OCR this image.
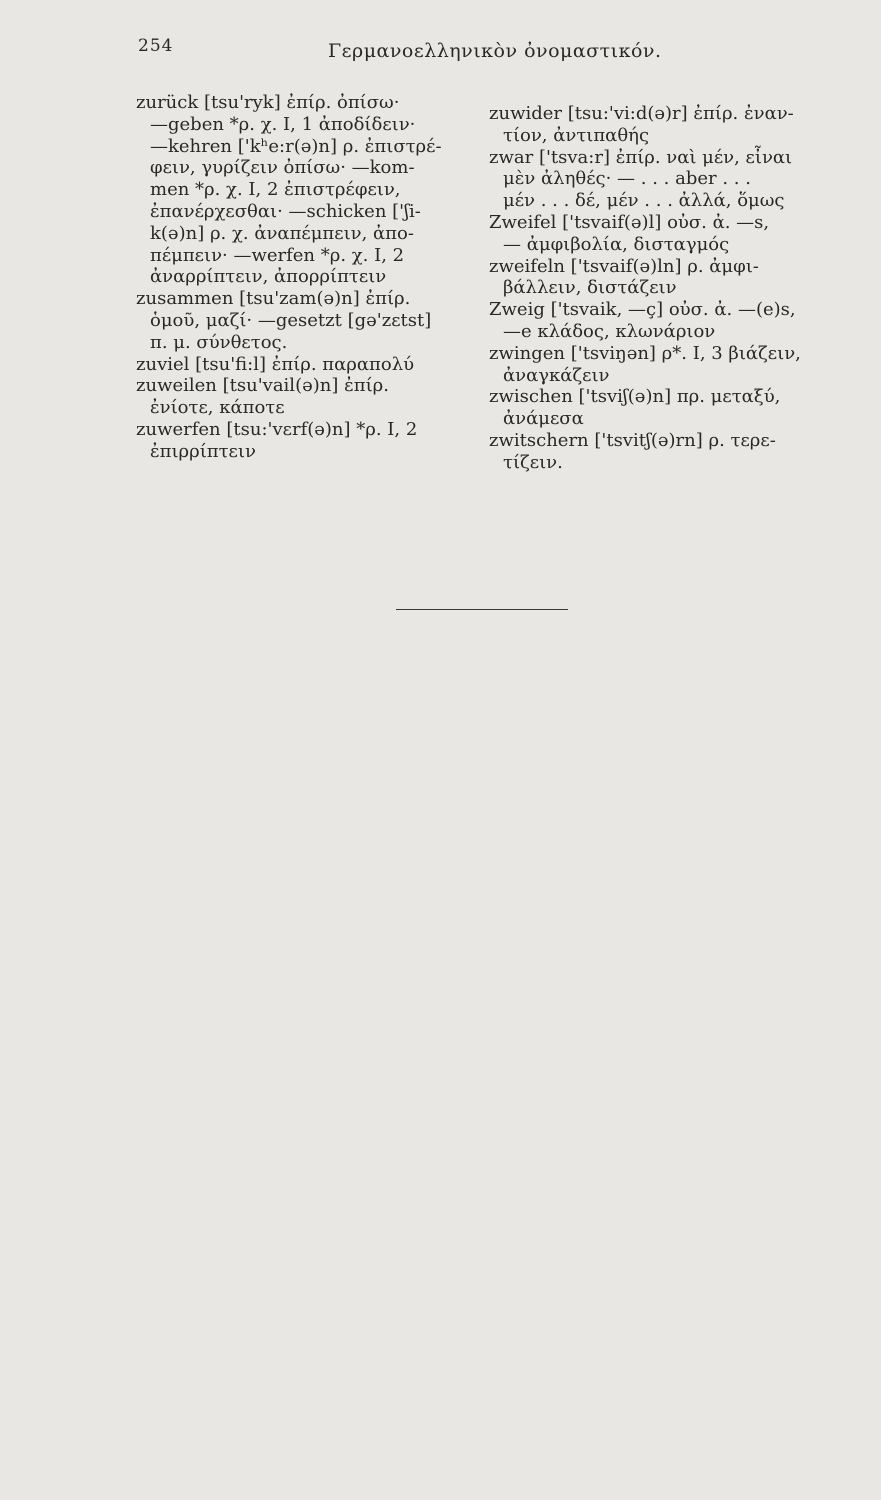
254	Γερμανοελληνικὸν ὀνομαστικόν.
zurück [tsu'ryk] ἐπίρ. ὀπίσω·
—geben *ρ. χ. I, 1 ἀποδίδειν·
—kehren ['kʰe:r(ə)n] ρ. ἐπιστρέ-
φειν, γυρίζειν ὀπίσω· —kom-
men *ρ. χ. I, 2 ἐπιστρέφειν,
ἐπανέρχεσθαι· —schicken ['ʃi-
k(ə)n] ρ. χ. ἀναπέμπειν, ἀπο-
πέμπειν· —werfen *ρ. χ. I, 2
ἀναρρίπτειν, ἀπορρίπτειν
zusammen [tsu'zam(ə)n] ἐπίρ.
ὁμοῦ, μαζί· —gesetzt [gə'zɛtst]
π. μ. σύνθετος.
zuviel [tsu'fi:l] ἐπίρ. παραπολύ
zuweilen [tsu'vail(ə)n] ἐπίρ.
ἐνίοτε, κάποτε
zuwerfen [tsu:'vɛrf(ə)n] *ρ. I, 2
ἐπιρρίπτειν
zuwider [tsu:'vi:d(ə)r] ἐπίρ. ἐναν-
τίον, ἀντιπαθής
zwar ['tsva:r] ἐπίρ. ναὶ μέν, εἶναι
μὲν ἀληθές· — . . . aber . . .
μέν . . . δέ, μέν . . . ἀλλά, ὅμως
Zweifel ['tsvaif(ə)l] οὐσ. ἀ. —s,
— ἀμφιβολία, δισταγμός
zweifeln ['tsvaif(ə)ln] ρ. ἀμφι-
βάλλειν, διστάζειν
Zweig ['tsvaik, —ç] οὐσ. ἀ. —(e)s,
—e κλάδος, κλωνάριον
zwingen ['tsviŋən] ρ*. I, 3 βιάζειν,
ἀναγκάζειν
zwischen ['tsviʃ(ə)n] πρ. μεταξύ,
ἀνάμεσα
zwitschern ['tsvitʃ(ə)rn] ρ. τερε-
τίζειν.
